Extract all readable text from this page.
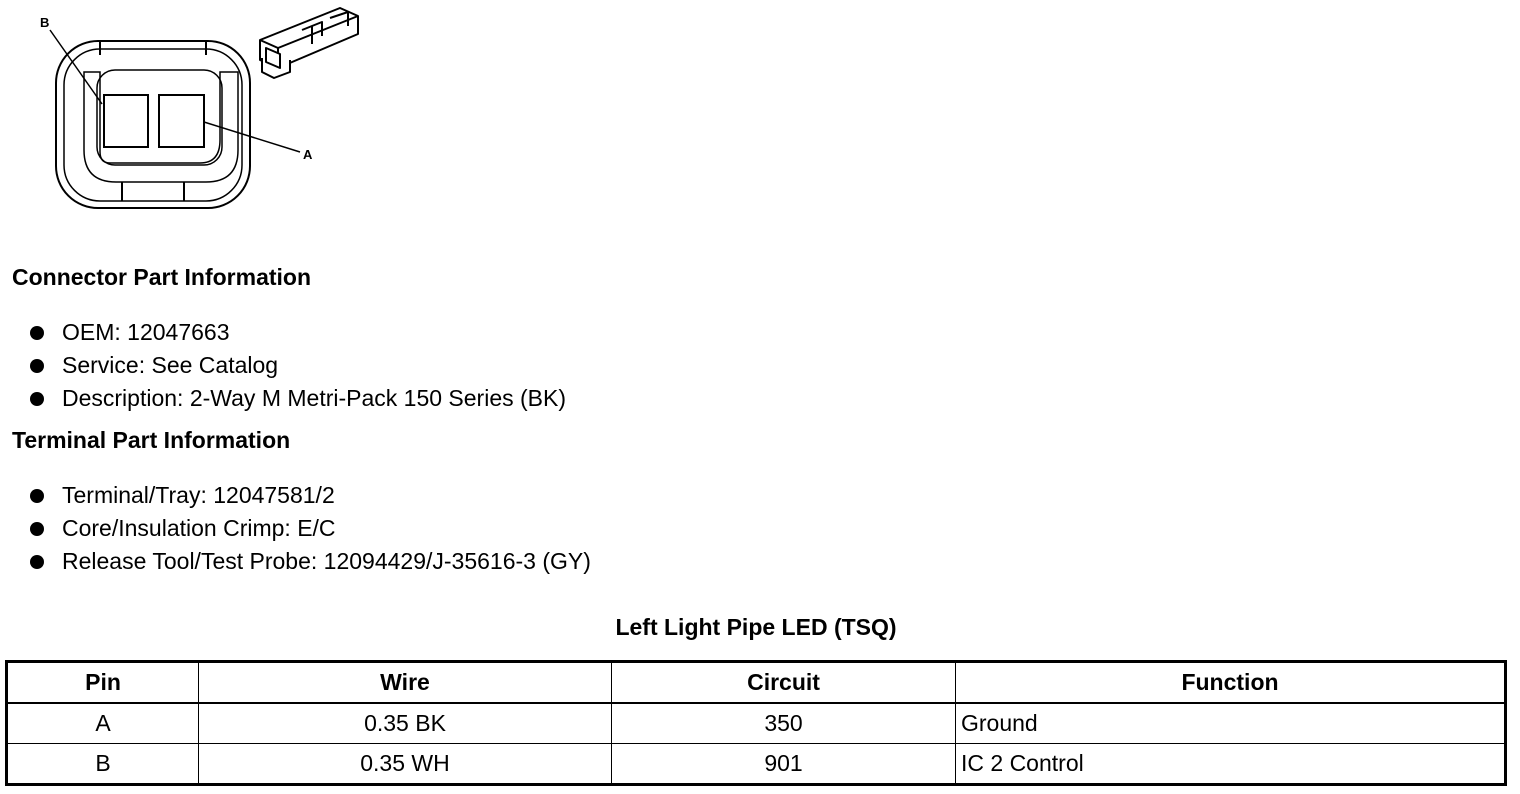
B
A
Connector Part Information
OEM: 12047663
Service: See Catalog
Description: 2-Way M Metri-Pack 150 Series (BK)
Terminal Part Information
Terminal/Tray: 12047581/2
Core/Insulation Crimp: E/C
Release Tool/Test Probe: 12094429/J-35616-3 (GY)
Left Light Pipe LED (TSQ)
Pin	Wire	Circuit	Function
A	0.35 BK	350	Ground
B	0.35 WH	901	IC 2 Control
